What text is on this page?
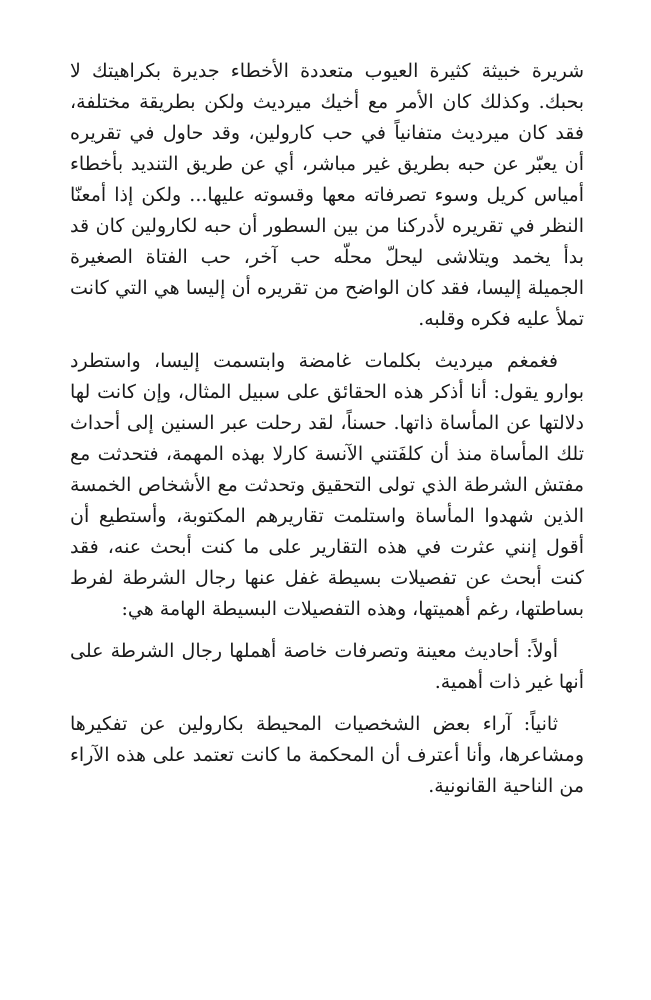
شريرة خبيثة كثيرة العيوب متعددة الأخطاء جديرة بكراهيتك لا بحبك. وكذلك كان الأمر مع أخيك ميرديث ولكن بطريقة مختلفة، فقد كان ميرديث متفانياً في حب كارولين، وقد حاول في تقريره أن يعبّر عن حبه بطريق غير مباشر، أي عن طريق التنديد بأخطاء أمياس كريل وسوء تصرفاته معها وقسوته عليها... ولكن إذا أمعنّا النظر في تقريره لأدركنا من بين السطور أن حبه لكارولين كان قد بدأ يخمد ويتلاشى ليحلّ محلّه حب آخر، حب الفتاة الصغيرة الجميلة إليسا، فقد كان الواضح من تقريره أن إليسا هي التي كانت تملأ عليه فكره وقلبه.

فغمغم ميرديث بكلمات غامضة وابتسمت إليسا، واستطرد بوارو يقول: أنا أذكر هذه الحقائق على سبيل المثال، وإن كانت لها دلالتها عن المأساة ذاتها. حسناً، لقد رحلت عبر السنين إلى أحداث تلك المأساة منذ أن كلفَتني الآنسة كارلا بهذه المهمة، فتحدثت مع مفتش الشرطة الذي تولى التحقيق وتحدثت مع الأشخاص الخمسة الذين شهدوا المأساة واستلمت تقاريرهم المكتوبة، وأستطيع أن أقول إنني عثرت في هذه التقارير على ما كنت أبحث عنه، فقد كنت أبحث عن تفصيلات بسيطة غفل عنها رجال الشرطة لفرط بساطتها، رغم أهميتها، وهذه التفصيلات البسيطة الهامة هي:

أولاً: أحاديث معينة وتصرفات خاصة أهملها رجال الشرطة على أنها غير ذات أهمية.

ثانياً: آراء بعض الشخصيات المحيطة بكارولين عن تفكيرها ومشاعرها، وأنا أعترف أن المحكمة ما كانت تعتمد على هذه الآراء من الناحية القانونية.
